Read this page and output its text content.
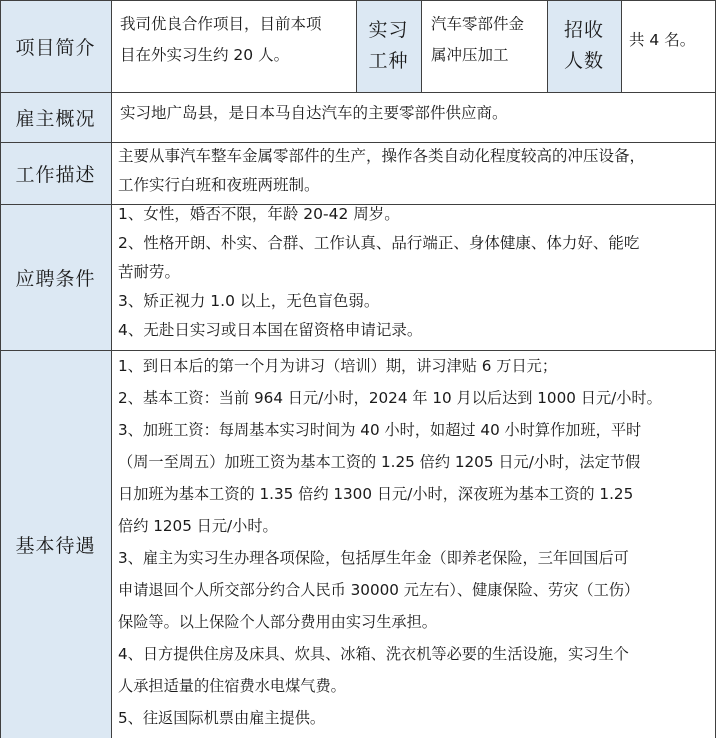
项目简介
雇主概况
工作描述
应聘条件
基本待遇
我司优良合作项目，目前本项
目在外实习生约 20 人。
实习
工种
汽车零部件金
属冲压加工
招收
人数
共 4 名。
实习地广岛县，是日本马自达汽车的主要零部件供应商。
主要从事汽车整车金属零部件的生产，操作各类自动化程度较高的冲压设备，
工作实行白班和夜班两班制。
1、女性，婚否不限，年龄 20-42 周岁。
2、性格开朗、朴实、合群、工作认真、品行端正、身体健康、体力好、能吃
苦耐劳。
3、矫正视力 1.0 以上，无色盲色弱。
4、无赴日实习或日本国在留资格申请记录。
1、到日本后的第一个月为讲习（培训）期，讲习津贴 6 万日元；
2、基本工资：当前 964 日元/小时，2024 年 10 月以后达到 1000 日元/小时。
3、加班工资：每周基本实习时间为 40 小时，如超过 40 小时算作加班，平时
（周一至周五）加班工资为基本工资的 1.25 倍约 1205 日元/小时，法定节假
日加班为基本工资的 1.35 倍约 1300 日元/小时，深夜班为基本工资的 1.25
倍约 1205 日元/小时。
3、雇主为实习生办理各项保险，包括厚生年金（即养老保险，三年回国后可
申请退回个人所交部分约合人民币 30000 元左右）、健康保险、劳灾（工伤）
保险等。以上保险个人部分费用由实习生承担。
4、日方提供住房及床具、炊具、冰箱、洗衣机等必要的生活设施，实习生个
人承担适量的住宿费水电煤气费。
5、往返国际机票由雇主提供。
